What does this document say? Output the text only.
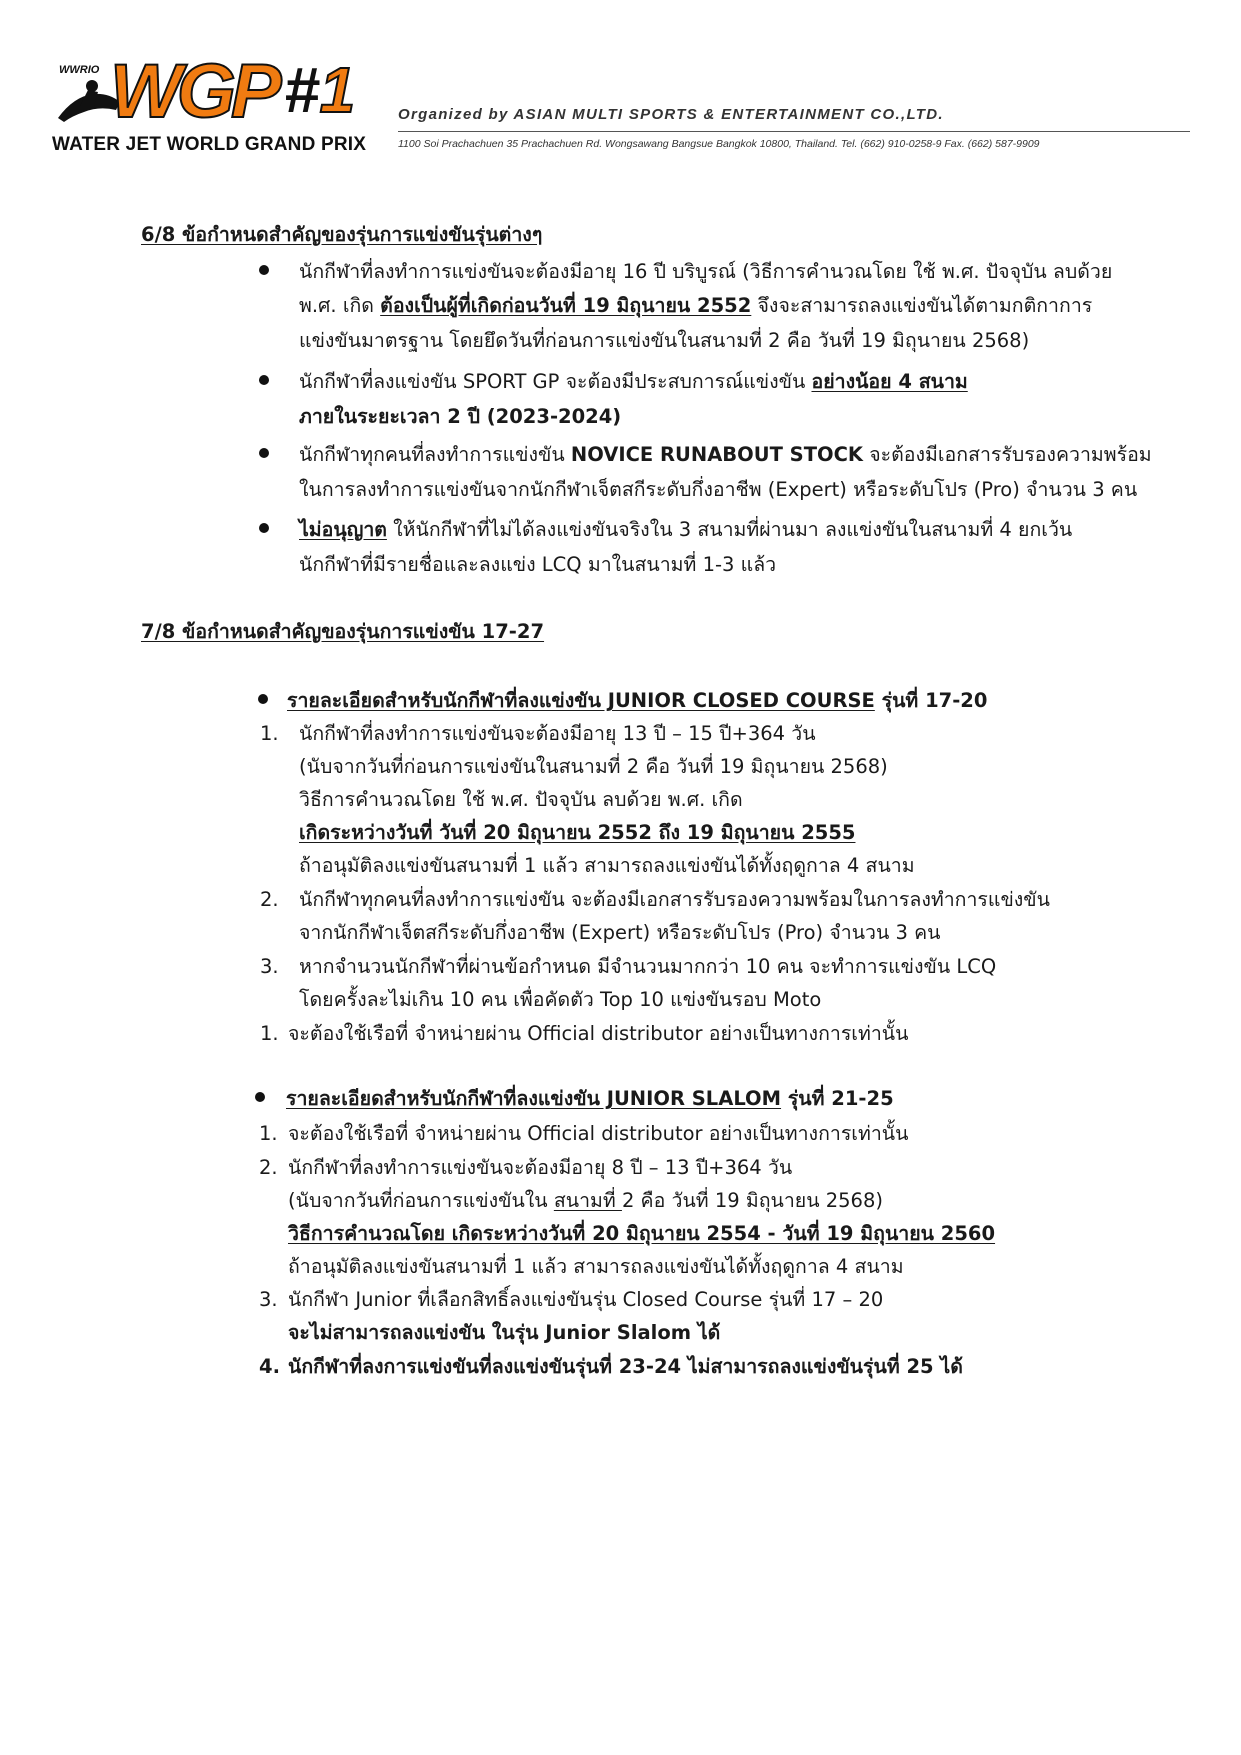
WWRIO WGP #1
WATER JET WORLD GRAND PRIX
Organized by ASIAN MULTI SPORTS & ENTERTAINMENT CO.,LTD.
1100 Soi Prachachuen 35 Prachachuen Rd. Wongsawang Bangsue Bangkok 10800, Thailand. Tel. (662) 910-0258-9 Fax. (662) 587-9909
6/8 ข้อกำหนดสำคัญของรุ่นการแข่งขันรุ่นต่างๆ
นักกีฬาที่ลงทำการแข่งขันจะต้องมีอายุ 16 ปี บริบูรณ์ (วิธีการคำนวณโดย ใช้ พ.ศ. ปัจจุบัน ลบด้วย
พ.ศ. เกิด ต้องเป็นผู้ที่เกิดก่อนวันที่ 19 มิถุนายน 2552 จึงจะสามารถลงแข่งขันได้ตามกติกาการ
แข่งขันมาตรฐาน โดยยึดวันที่ก่อนการแข่งขันในสนามที่ 2 คือ วันที่ 19 มิถุนายน 2568)
นักกีฬาที่ลงแข่งขัน SPORT GP จะต้องมีประสบการณ์แข่งขัน อย่างน้อย 4 สนาม
ภายในระยะเวลา 2 ปี (2023-2024)
นักกีฬาทุกคนที่ลงทำการแข่งขัน NOVICE RUNABOUT STOCK จะต้องมีเอกสารรับรองความพร้อม
ในการลงทำการแข่งขันจากนักกีฬาเจ็ตสกีระดับกึ่งอาชีพ (Expert) หรือระดับโปร (Pro) จำนวน 3 คน
ไม่อนุญาต ให้นักกีฬาที่ไม่ได้ลงแข่งขันจริงใน 3 สนามที่ผ่านมา ลงแข่งขันในสนามที่ 4 ยกเว้น
นักกีฬาที่มีรายชื่อและลงแข่ง LCQ มาในสนามที่ 1-3 แล้ว
7/8 ข้อกำหนดสำคัญของรุ่นการแข่งขัน 17-27
รายละเอียดสำหรับนักกีฬาที่ลงแข่งขัน JUNIOR CLOSED COURSE รุ่นที่ 17-20
1. นักกีฬาที่ลงทำการแข่งขันจะต้องมีอายุ 13 ปี – 15 ปี+364 วัน
(นับจากวันที่ก่อนการแข่งขันในสนามที่ 2 คือ วันที่ 19 มิถุนายน 2568)
วิธีการคำนวณโดย ใช้ พ.ศ. ปัจจุบัน ลบด้วย พ.ศ. เกิด
เกิดระหว่างวันที่ วันที่ 20 มิถุนายน 2552 ถึง 19 มิถุนายน 2555
ถ้าอนุมัติลงแข่งขันสนามที่ 1 แล้ว สามารถลงแข่งขันได้ทั้งฤดูกาล 4 สนาม
2. นักกีฬาทุกคนที่ลงทำการแข่งขัน จะต้องมีเอกสารรับรองความพร้อมในการลงทำการแข่งขัน
จากนักกีฬาเจ็ตสกีระดับกึ่งอาชีพ (Expert) หรือระดับโปร (Pro) จำนวน 3 คน
3. หากจำนวนนักกีฬาที่ผ่านข้อกำหนด มีจำนวนมากกว่า 10 คน จะทำการแข่งขัน LCQ
โดยครั้งละไม่เกิน 10 คน เพื่อคัดตัว Top 10 แข่งขันรอบ Moto
1. จะต้องใช้เรือที่ จำหน่ายผ่าน Official distributor อย่างเป็นทางการเท่านั้น
รายละเอียดสำหรับนักกีฬาที่ลงแข่งขัน JUNIOR SLALOM รุ่นที่ 21-25
1. จะต้องใช้เรือที่ จำหน่ายผ่าน Official distributor อย่างเป็นทางการเท่านั้น
2. นักกีฬาที่ลงทำการแข่งขันจะต้องมีอายุ 8 ปี – 13 ปี+364 วัน
(นับจากวันที่ก่อนการแข่งขันใน สนามที่ 2 คือ วันที่ 19 มิถุนายน 2568)
วิธีการคำนวณโดย เกิดระหว่างวันที่ 20 มิถุนายน 2554 - วันที่ 19 มิถุนายน 2560
ถ้าอนุมัติลงแข่งขันสนามที่ 1 แล้ว สามารถลงแข่งขันได้ทั้งฤดูกาล 4 สนาม
3. นักกีฬา Junior ที่เลือกสิทธิ์ลงแข่งขันรุ่น Closed Course รุ่นที่ 17 – 20
จะไม่สามารถลงแข่งขัน ในรุ่น Junior Slalom ได้
4. นักกีฬาที่ลงการแข่งขันที่ลงแข่งขันรุ่นที่ 23-24 ไม่สามารถลงแข่งขันรุ่นที่ 25 ได้
